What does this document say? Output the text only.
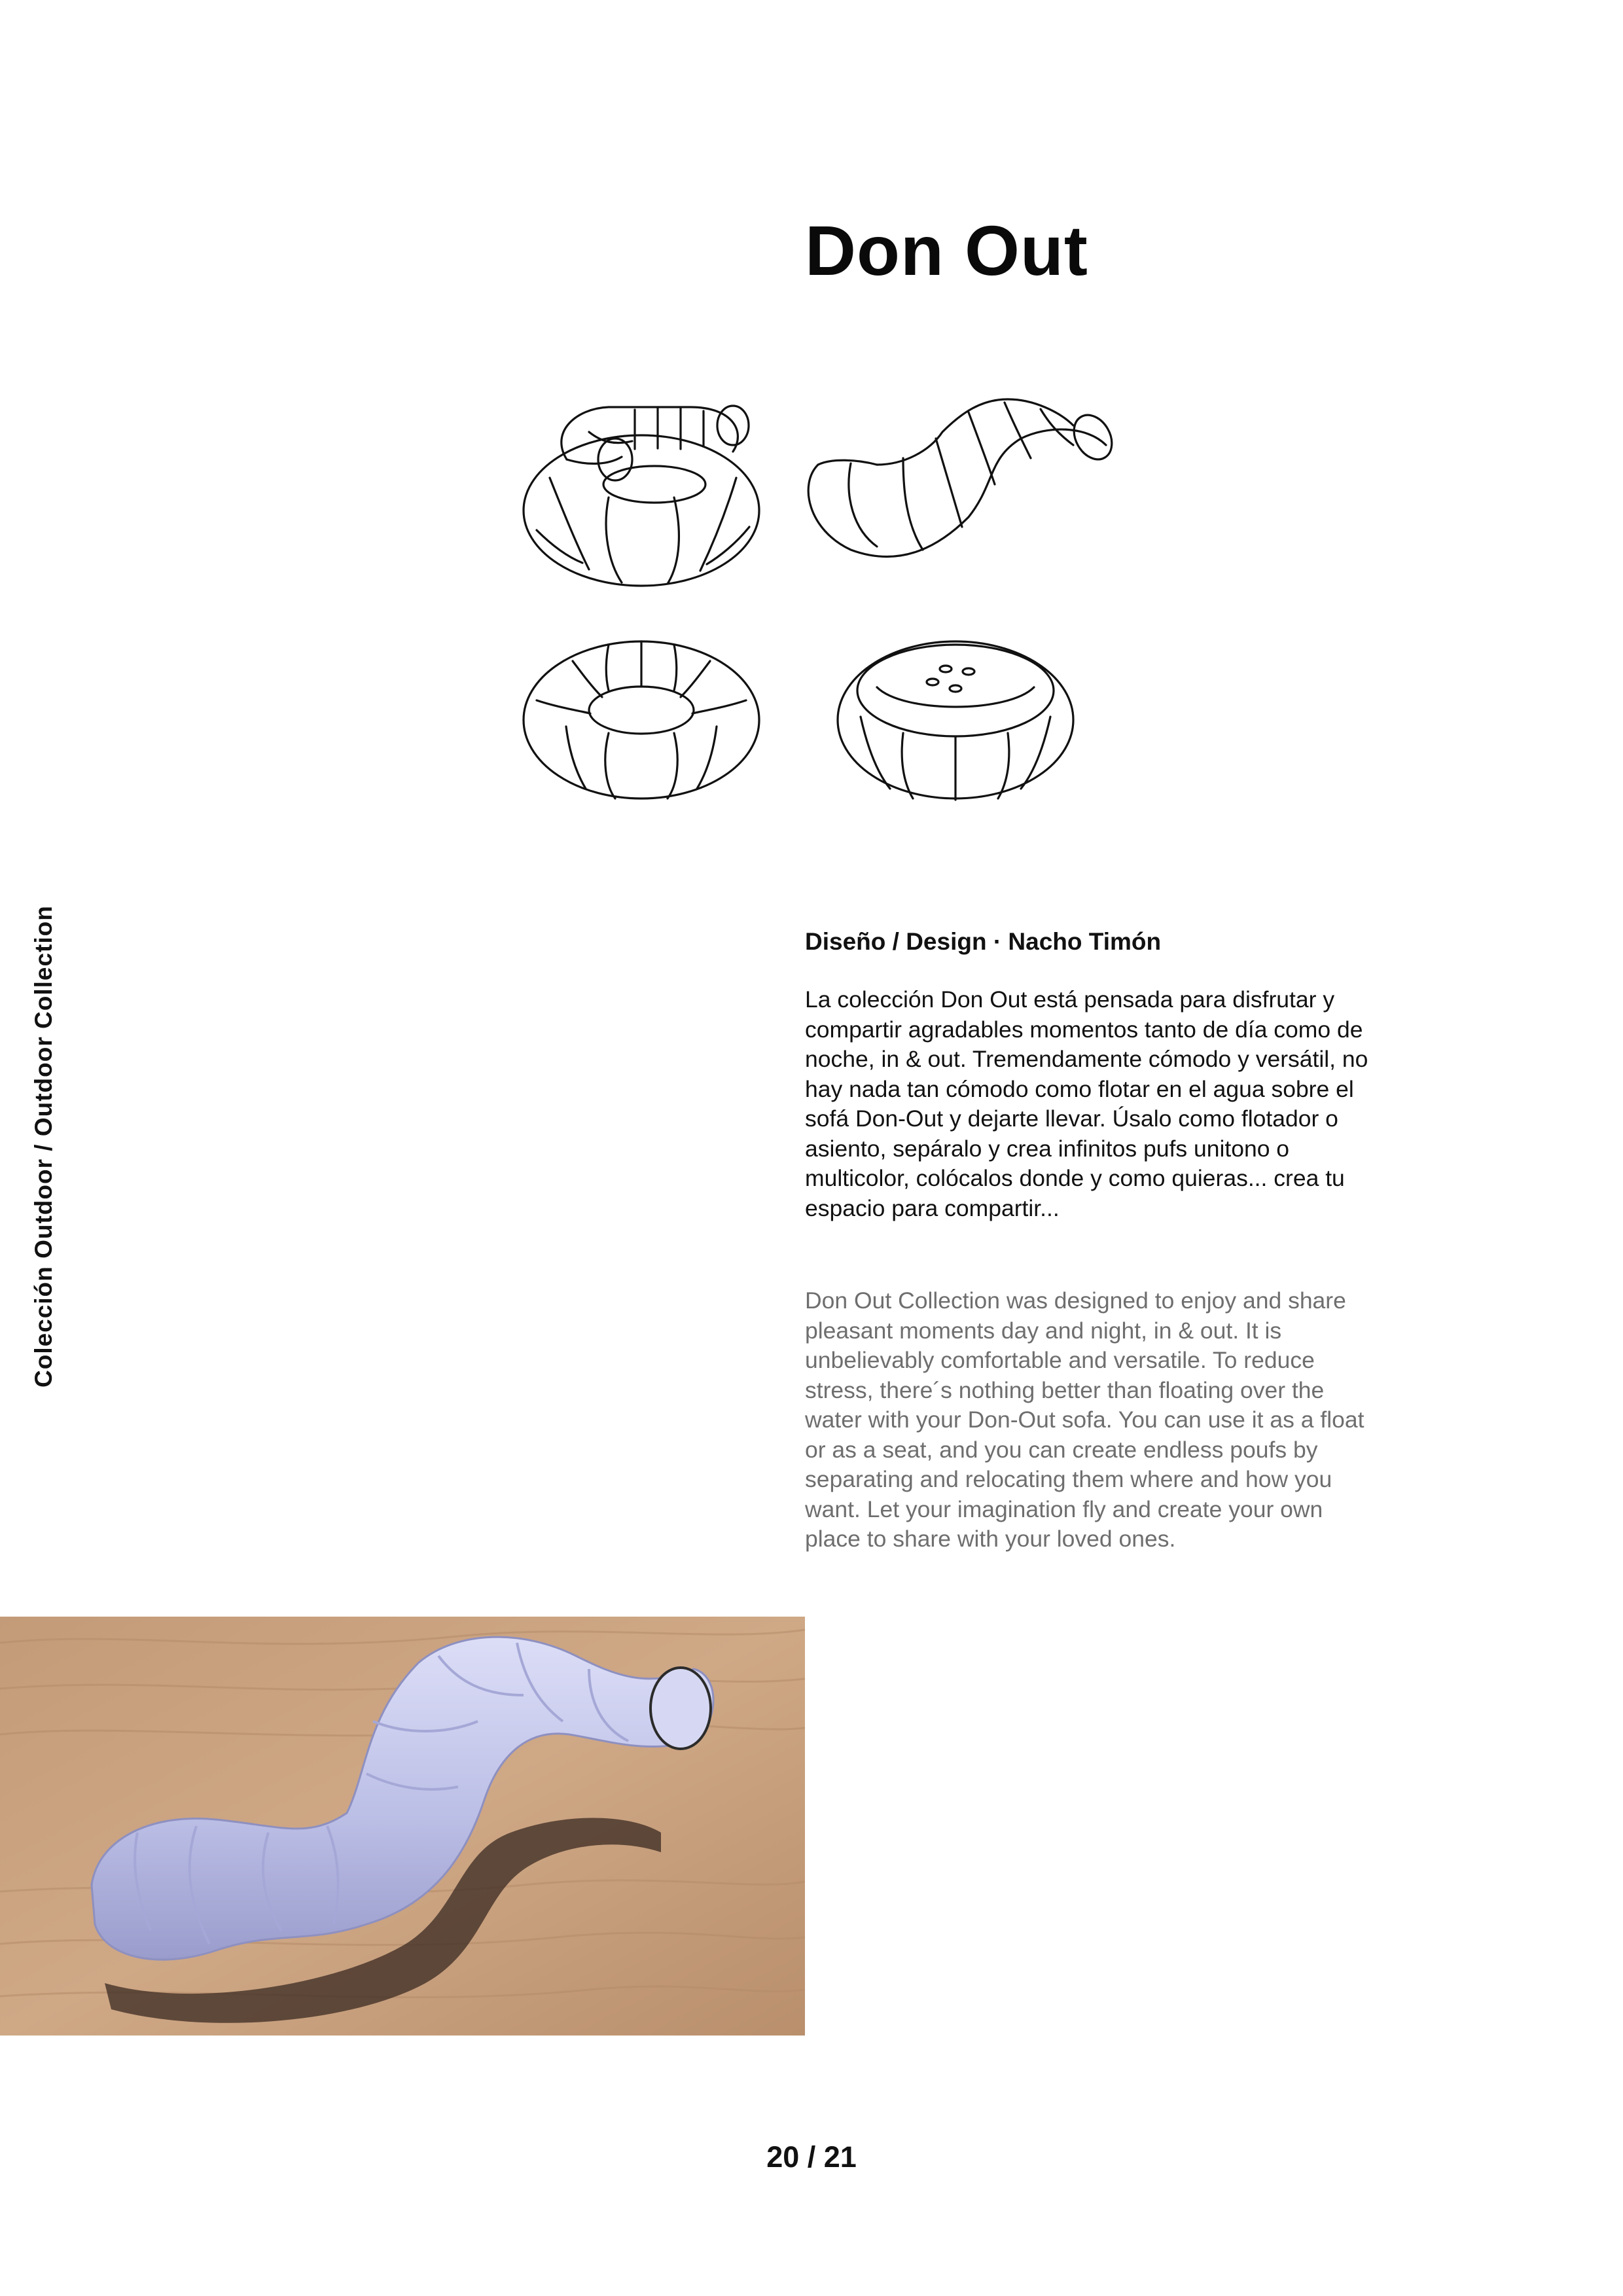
Don Out
Colección Outdoor / Outdoor Collection	Diseño / Design · Nacho Timón

La colección Don Out está pensada para disfrutar y compartir agradables momentos tanto de día como de noche, in & out. Tremendamente cómodo y versátil, no hay nada tan cómodo como flotar en el agua sobre el sofá Don-Out y dejarte llevar. Úsalo como flotador o asiento, sepáralo y crea infinitos pufs unitono o multicolor, colócalos donde y como quieras... crea tu espacio para compartir...

Don Out Collection was designed to enjoy and share pleasant moments day and night, in & out. It is unbelievably comfortable and versatile. To reduce stress, there´s nothing better than floating over the water with your Don-Out sofa. You can use it as a float or as a seat, and you can create endless poufs by separating and relocating them where and how you want. Let your imagination fly and create your own place to share with your loved ones.

20 / 21
